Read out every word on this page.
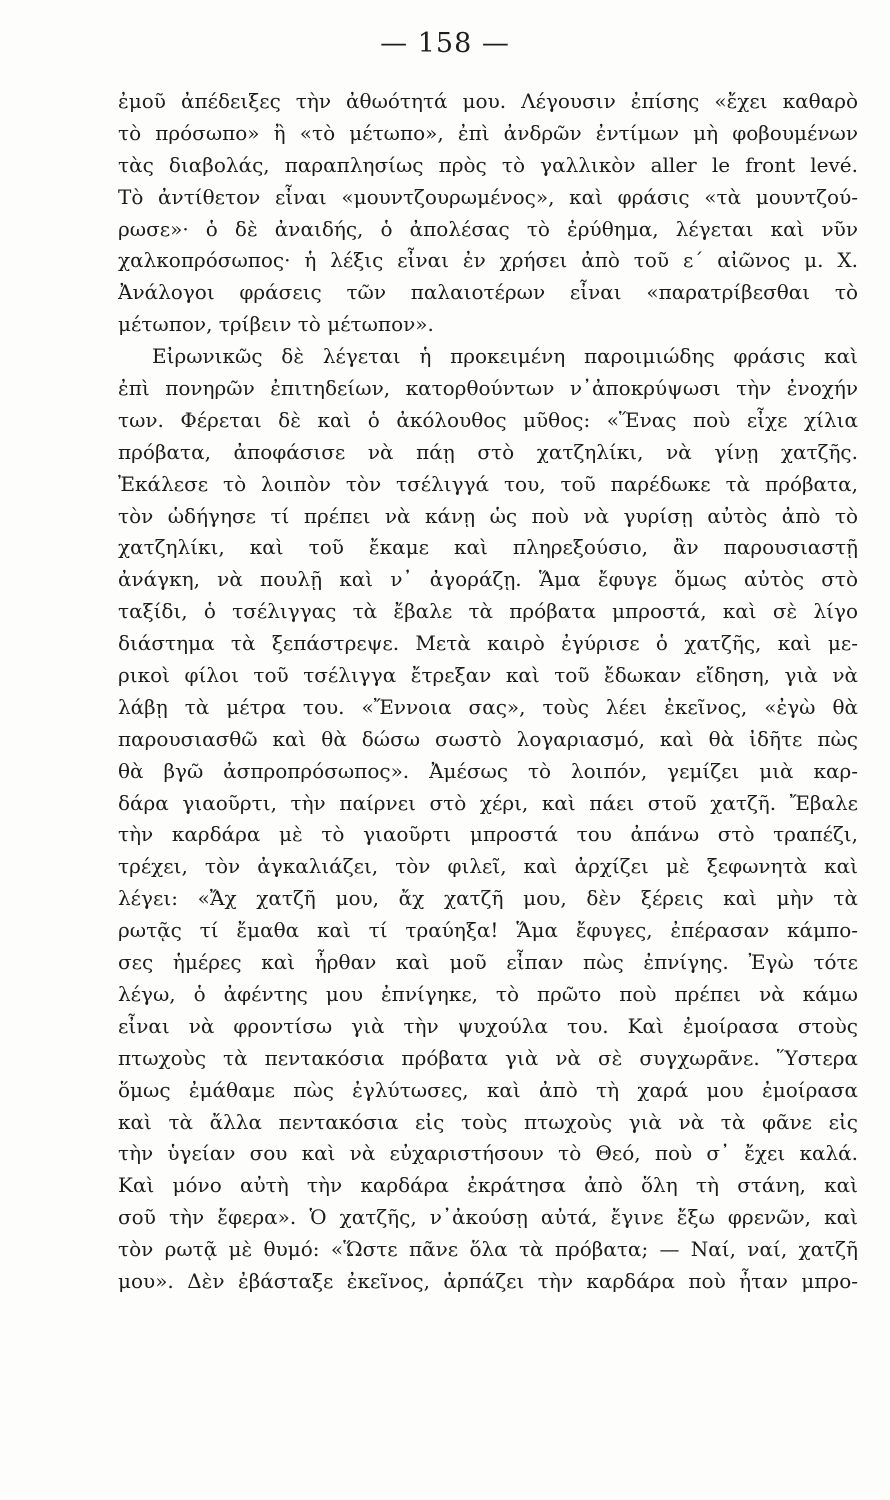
— 158 —
ἐμοῦ ἀπέδειξες τὴν ἀθωότητά μου. Λέγουσιν ἐπίσης «ἔχει καθαρὸ
τὸ πρόσωπο» ἢ «τὸ μέτωπο», ἐπὶ ἀνδρῶν ἐντίμων μὴ φοβουμένων
τὰς διαβολάς, παραπλησίως πρὸς τὸ γαλλικὸν aller le front levé.
Τὸ ἀντίθετον εἶναι «μουντζουρωμένος», καὶ φράσις «τὰ μουντζού-
ρωσε»· ὁ δὲ ἀναιδής, ὁ ἀπολέσας τὸ ἐρύθημα, λέγεται καὶ νῦν
χαλκοπρόσωπος· ἡ λέξις εἶναι ἐν χρήσει ἀπὸ τοῦ ε´ αἰῶνος μ. Χ.
Ἀνάλογοι φράσεις τῶν παλαιοτέρων εἶναι «παρατρίβεσθαι τὸ
μέτωπον, τρίβειν τὸ μέτωπον».
Εἰρωνικῶς δὲ λέγεται ἡ προκειμένη παροιμιώδης φράσις καὶ
ἐπὶ πονηρῶν ἐπιτηδείων, κατορθούντων ν᾿ἀποκρύψωσι τὴν ἐνοχήν
των. Φέρεται δὲ καὶ ὁ ἀκόλουθος μῦθος: «Ἕνας ποὺ εἶχε χίλια
πρόβατα, ἀποφάσισε νὰ πάῃ στὸ χατζηλίκι, νὰ γίνῃ χατζῆς.
Ἐκάλεσε τὸ λοιπὸν τὸν τσέλιγγά του, τοῦ παρέδωκε τὰ πρόβατα,
τὸν ὡδήγησε τί πρέπει νὰ κάνῃ ὡς ποὺ νὰ γυρίσῃ αὐτὸς ἀπὸ τὸ
χατζηλίκι, καὶ τοῦ ἔκαμε καὶ πληρεξούσιο, ἂν παρουσιαστῇ
ἀνάγκη, νὰ πουλῇ καὶ ν᾿ ἀγοράζῃ. Ἅμα ἔφυγε ὅμως αὐτὸς στὸ
ταξίδι, ὁ τσέλιγγας τὰ ἔβαλε τὰ πρόβατα μπροστά, καὶ σὲ λίγο
διάστημα τὰ ξεπάστρεψε. Μετὰ καιρὸ ἐγύρισε ὁ χατζῆς, καὶ με-
ρικοὶ φίλοι τοῦ τσέλιγγα ἔτρεξαν καὶ τοῦ ἔδωκαν εἴδηση, γιὰ νὰ
λάβῃ τὰ μέτρα του. «Ἔννοια σας», τοὺς λέει ἐκεῖνος, «ἐγὼ θὰ
παρουσιασθῶ καὶ θὰ δώσω σωστὸ λογαριασμό, καὶ θὰ ἰδῆτε πὼς
θὰ βγῶ ἀσπροπρόσωπος». Ἀμέσως τὸ λοιπόν, γεμίζει μιὰ καρ-
δάρα γιαοῦρτι, τὴν παίρνει στὸ χέρι, καὶ πάει στοῦ χατζῆ. Ἔβαλε
τὴν καρδάρα μὲ τὸ γιαοῦρτι μπροστά του ἀπάνω στὸ τραπέζι,
τρέχει, τὸν ἀγκαλιάζει, τὸν φιλεῖ, καὶ ἀρχίζει μὲ ξεφωνητὰ καὶ
λέγει: «Ἄχ χατζῆ μου, ἄχ χατζῆ μου, δὲν ξέρεις καὶ μὴν τὰ
ρωτᾷς τί ἔμαθα καὶ τί τραύηξα! Ἅμα ἔφυγες, ἐπέρασαν κάμπο-
σες ἡμέρες καὶ ἦρθαν καὶ μοῦ εἶπαν πὼς ἐπνίγης. Ἐγὼ τότε
λέγω, ὁ ἀφέντης μου ἐπνίγηκε, τὸ πρῶτο ποὺ πρέπει νὰ κάμω
εἶναι νὰ φροντίσω γιὰ τὴν ψυχούλα του. Καὶ ἐμοίρασα στοὺς
πτωχοὺς τὰ πεντακόσια πρόβατα γιὰ νὰ σὲ συγχωρᾶνε. Ὕστερα
ὅμως ἐμάθαμε πὼς ἐγλύτωσες, καὶ ἀπὸ τὴ χαρά μου ἐμοίρασα
καὶ τὰ ἄλλα πεντακόσια εἰς τοὺς πτωχοὺς γιὰ νὰ τὰ φᾶνε εἰς
τὴν ὑγείαν σου καὶ νὰ εὐχαριστήσουν τὸ Θεό, ποὺ σ᾿ ἔχει καλά.
Καὶ μόνο αὐτὴ τὴν καρδάρα ἐκράτησα ἀπὸ ὅλη τὴ στάνη, καὶ
σοῦ τὴν ἔφερα». Ὁ χατζῆς, ν᾿ἀκούσῃ αὐτά, ἔγινε ἔξω φρενῶν, καὶ
τὸν ρωτᾷ μὲ θυμό: «Ὥστε πᾶνε ὅλα τὰ πρόβατα; — Ναί, ναί, χατζῆ
μου». Δὲν ἐβάσταξε ἐκεῖνος, ἁρπάζει τὴν καρδάρα ποὺ ἦταν μπρο-
